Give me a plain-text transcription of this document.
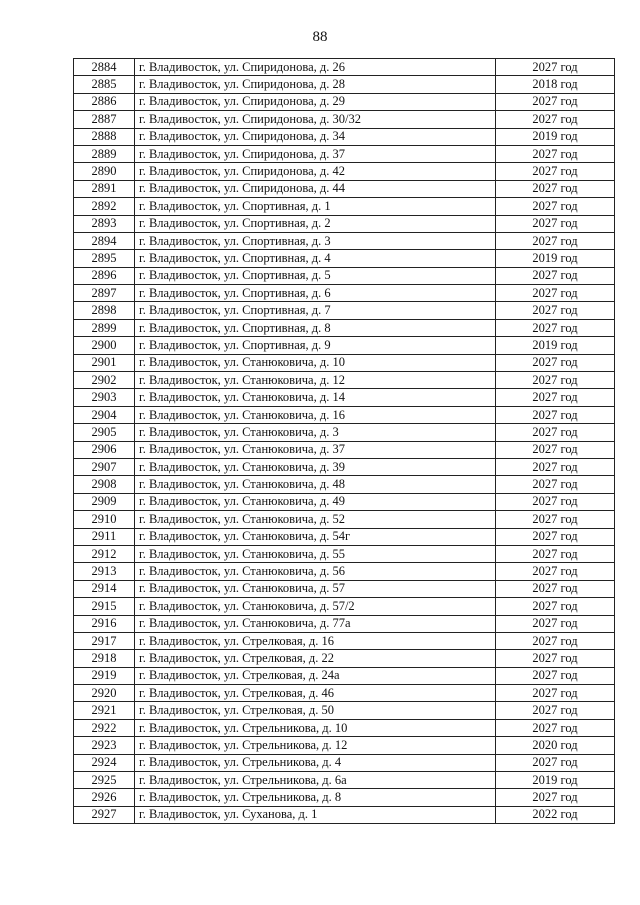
88
2884	г. Владивосток, ул. Спиридонова, д. 26	2027 год
2885	г. Владивосток, ул. Спиридонова, д. 28	2018 год
2886	г. Владивосток, ул. Спиридонова, д. 29	2027 год
2887	г. Владивосток, ул. Спиридонова, д. 30/32	2027 год
2888	г. Владивосток, ул. Спиридонова, д. 34	2019 год
2889	г. Владивосток, ул. Спиридонова, д. 37	2027 год
2890	г. Владивосток, ул. Спиридонова, д. 42	2027 год
2891	г. Владивосток, ул. Спиридонова, д. 44	2027 год
2892	г. Владивосток, ул. Спортивная, д. 1	2027 год
2893	г. Владивосток, ул. Спортивная, д. 2	2027 год
2894	г. Владивосток, ул. Спортивная, д. 3	2027 год
2895	г. Владивосток, ул. Спортивная, д. 4	2019 год
2896	г. Владивосток, ул. Спортивная, д. 5	2027 год
2897	г. Владивосток, ул. Спортивная, д. 6	2027 год
2898	г. Владивосток, ул. Спортивная, д. 7	2027 год
2899	г. Владивосток, ул. Спортивная, д. 8	2027 год
2900	г. Владивосток, ул. Спортивная, д. 9	2019 год
2901	г. Владивосток, ул. Станюковича, д. 10	2027 год
2902	г. Владивосток, ул. Станюковича, д. 12	2027 год
2903	г. Владивосток, ул. Станюковича, д. 14	2027 год
2904	г. Владивосток, ул. Станюковича, д. 16	2027 год
2905	г. Владивосток, ул. Станюковича, д. 3	2027 год
2906	г. Владивосток, ул. Станюковича, д. 37	2027 год
2907	г. Владивосток, ул. Станюковича, д. 39	2027 год
2908	г. Владивосток, ул. Станюковича, д. 48	2027 год
2909	г. Владивосток, ул. Станюковича, д. 49	2027 год
2910	г. Владивосток, ул. Станюковича, д. 52	2027 год
2911	г. Владивосток, ул. Станюковича, д. 54г	2027 год
2912	г. Владивосток, ул. Станюковича, д. 55	2027 год
2913	г. Владивосток, ул. Станюковича, д. 56	2027 год
2914	г. Владивосток, ул. Станюковича, д. 57	2027 год
2915	г. Владивосток, ул. Станюковича, д. 57/2	2027 год
2916	г. Владивосток, ул. Станюковича, д. 77а	2027 год
2917	г. Владивосток, ул. Стрелковая, д. 16	2027 год
2918	г. Владивосток, ул. Стрелковая, д. 22	2027 год
2919	г. Владивосток, ул. Стрелковая, д. 24а	2027 год
2920	г. Владивосток, ул. Стрелковая, д. 46	2027 год
2921	г. Владивосток, ул. Стрелковая, д. 50	2027 год
2922	г. Владивосток, ул. Стрельникова, д. 10	2027 год
2923	г. Владивосток, ул. Стрельникова, д. 12	2020 год
2924	г. Владивосток, ул. Стрельникова, д. 4	2027 год
2925	г. Владивосток, ул. Стрельникова, д. 6а	2019 год
2926	г. Владивосток, ул. Стрельникова, д. 8	2027 год
2927	г. Владивосток, ул. Суханова, д. 1	2022 год
